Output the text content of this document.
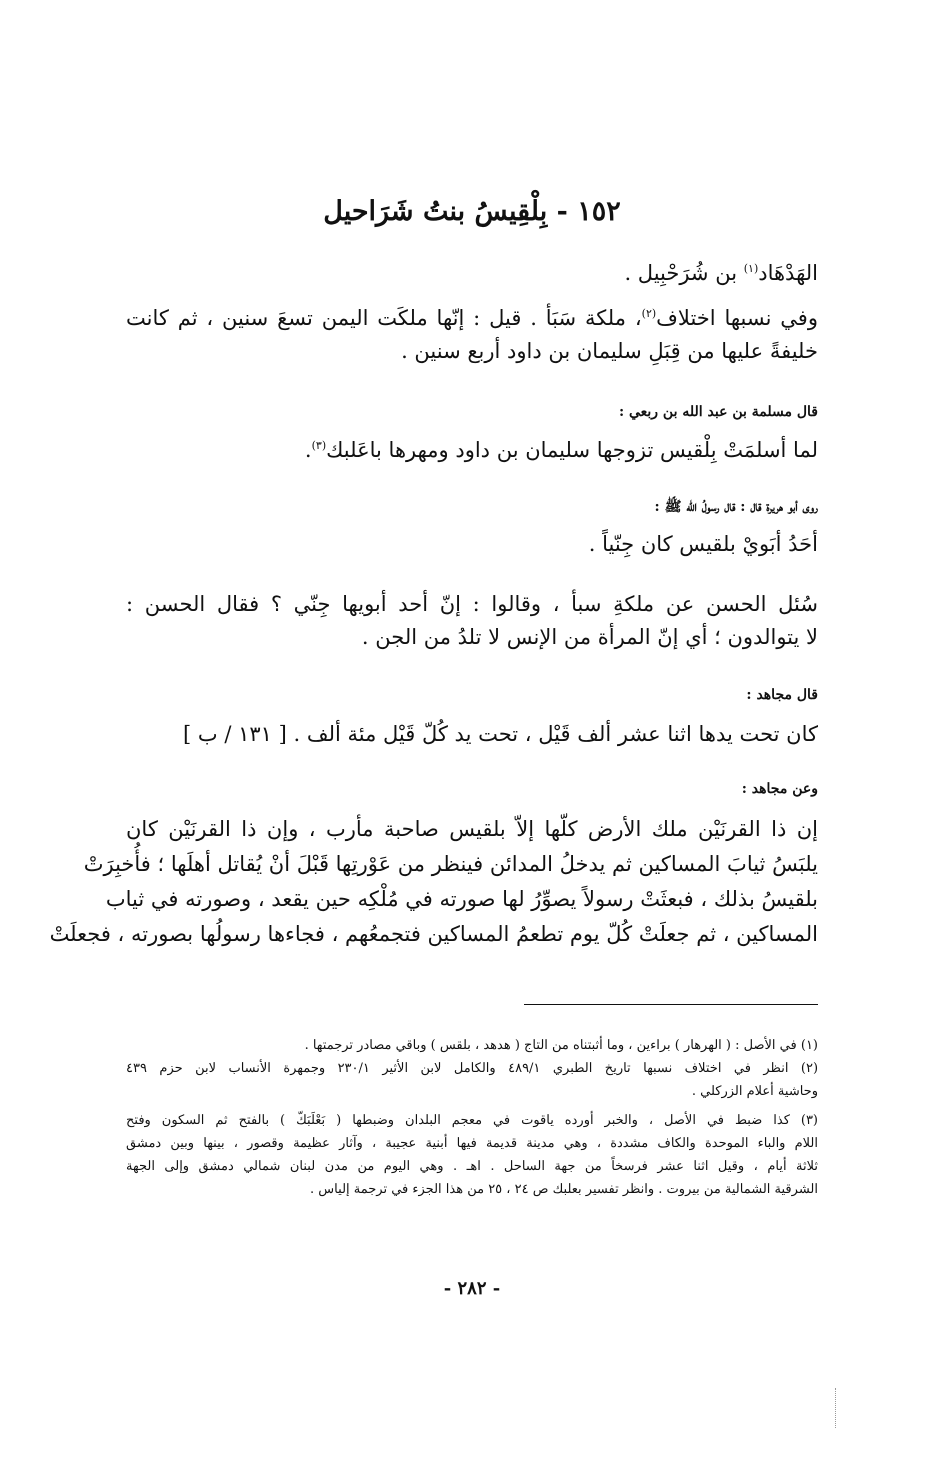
١٥٢ - بِلْقِيسُ بنتُ شَرَاحيل
الهَدْهَاد$^{(١)}$ بن شُرَحْبِيل .
وفي نسبها اختلاف$^{(٢)}$، ملكة سَبَأ . قيل : إنّها ملكَت اليمن تسعَ سنين ، ثم كانت
خليفةً عليها من قِبَلِ سليمان بن داود أربع سنين .
قال مسلمة بن عبد الله بن ربعي :
لما أسلمَتْ بِلْقيس تزوجها سليمان بن داود ومهرها باعَلبك$^{(٣)}$.
روى أبو هريرة قال : قال رسولُ الله ﷺ :
أحَدُ أبَويْ بلقيس كان جِنّياً .
سُئل الحسن عن ملكةِ سبأ ، وقالوا : إنّ أحد أبويها جِنّي ؟ فقال الحسن :
لا يتوالدون ؛ أي إنّ المرأة من الإنس لا تلدُ من الجن .
قال مجاهد :
كان تحت يدها اثنا عشر ألف قَيْل ، تحت يد كُلّ قَيْل مئة ألف . [ ١٣١ / ب ]
وعن مجاهد :
إن ذا القرنَيْن ملك الأرض كلّها إلاّ بلقيس صاحبة مأرب ، وإن ذا القرنَيْن كان
يلبَسُ ثيابَ المساكين ثم يدخلُ المدائن فينظر من عَوْرتِها قَبْلَ أنْ يُقاتل أهلَها ؛ فأُخبِرَتْ
بلقيسُ بذلك ، فبعثَتْ رسولاً يصوِّرُ لها صورته في مُلْكِه حين يقعد ، وصورته في ثياب
المساكين ، ثم جعلَتْ كُلّ يوم تطعمُ المساكين فتجمعُهم ، فجاءها رسولُها بصورته ، فجعلَتْ
(١) في الأصل : ( الهرهار ) براءين ، وما أثبتناه من التاج ( هدهد ، بلقس ) وباقي مصادر ترجمتها .
(٢) انظر في اختلاف نسبها تاريخ الطبري ٤٨٩/١ والكامل لابن الأثير ٢٣٠/١ وجمهرة الأنساب لابن حزم ٤٣٩
وحاشية أعلام الزركلي .
(٣) كذا ضبط في الأصل ، والخبر أورده ياقوت في معجم البلدان وضبطها ( بَعْلَبَكّ ) بالفتح ثم السكون وفتح
اللام والباء الموحدة والكاف مشددة ، وهي مدينة قديمة فيها أبنية عجيبة ، وآثار عظيمة وقصور ، بينها وبين دمشق
ثلاثة أيام ، وقيل اثنا عشر فرسخاً من جهة الساحل . اهـ . وهي اليوم من مدن لبنان شمالي دمشق وإلى الجهة
الشرقية الشمالية من بيروت . وانظر تفسير بعلبك ص ٢٤ ، ٢٥ من هذا الجزء في ترجمة إلياس .
- ٢٨٢ -
